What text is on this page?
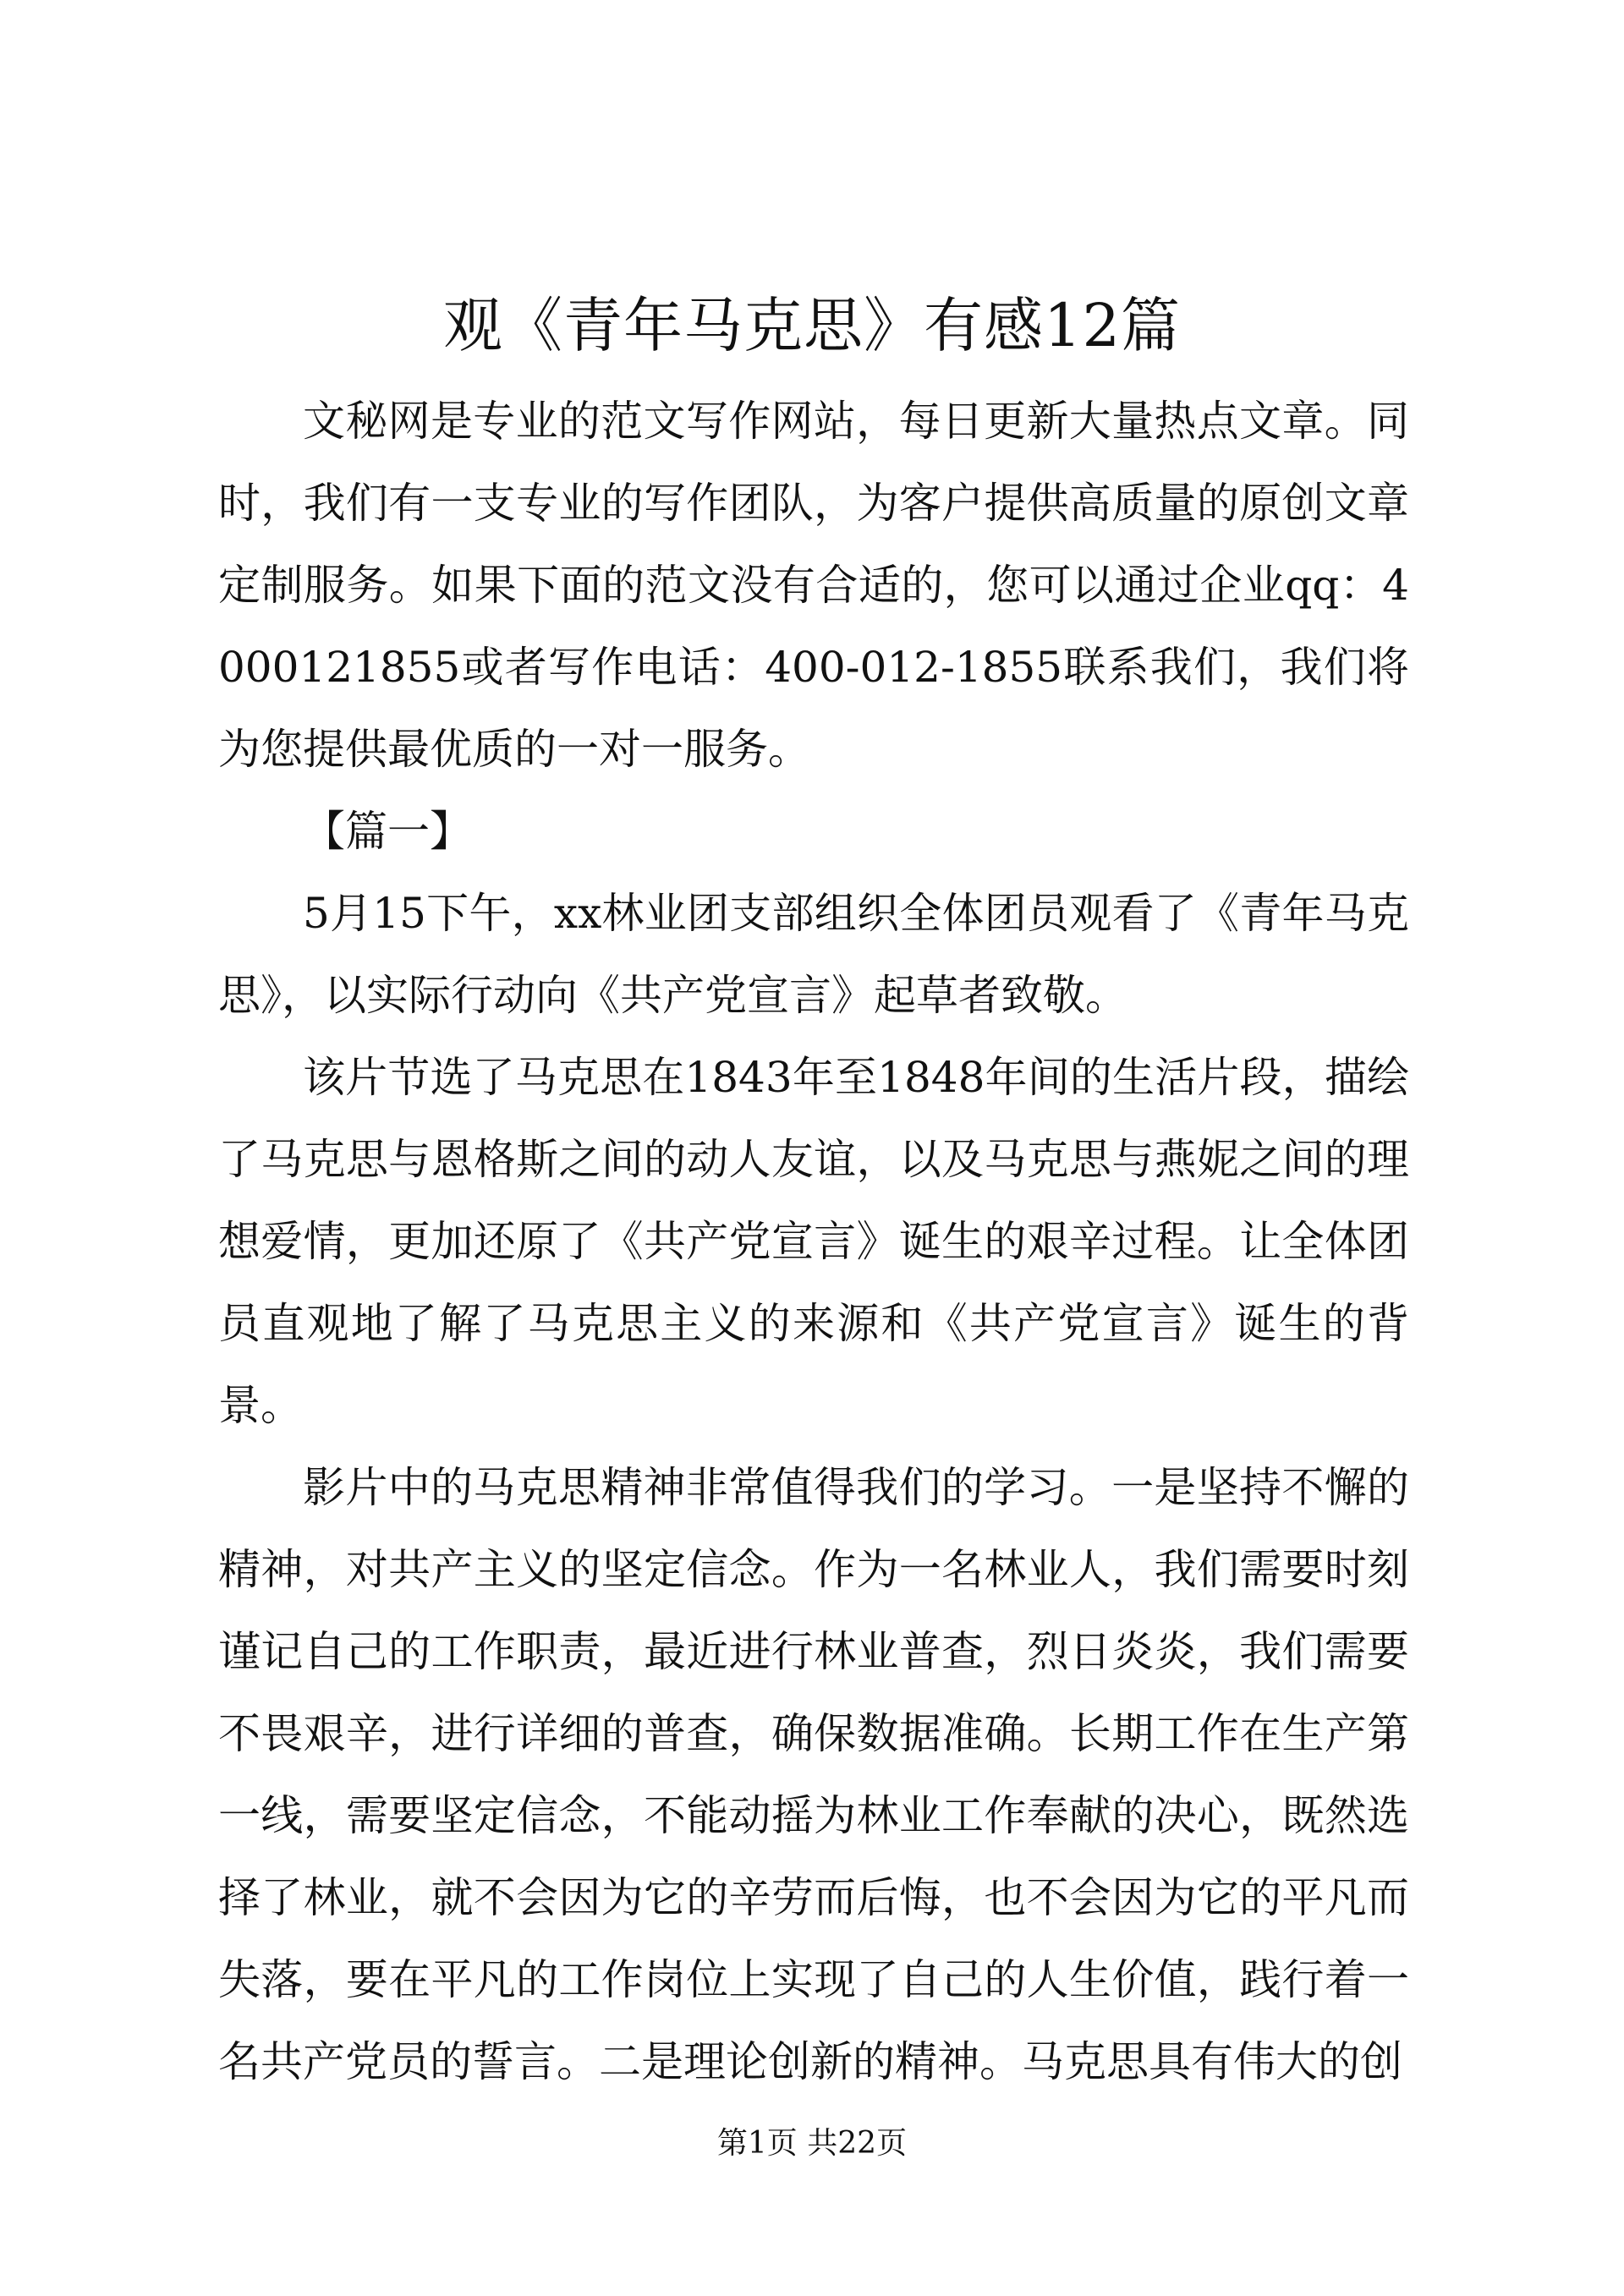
观《青年马克思》有感12篇

文秘网是专业的范文写作网站，每日更新大量热点文章。同时，我们有一支专业的写作团队，为客户提供高质量的原创文章定制服务。如果下面的范文没有合适的，您可以通过企业qq：4000121855或者写作电话：400-012-1855联系我们，我们将为您提供最优质的一对一服务。

【篇一】

5月15下午，xx林业团支部组织全体团员观看了《青年马克思》，以实际行动向《共产党宣言》起草者致敬。

该片节选了马克思在1843年至1848年间的生活片段，描绘了马克思与恩格斯之间的动人友谊，以及马克思与燕妮之间的理想爱情，更加还原了《共产党宣言》诞生的艰辛过程。让全体团员直观地了解了马克思主义的来源和《共产党宣言》诞生的背景。

影片中的马克思精神非常值得我们的学习。一是坚持不懈的精神，对共产主义的坚定信念。作为一名林业人，我们需要时刻谨记自己的工作职责，最近进行林业普查，烈日炎炎，我们需要不畏艰辛，进行详细的普查，确保数据准确。长期工作在生产第一线，需要坚定信念，不能动摇为林业工作奉献的决心，既然选择了林业，就不会因为它的辛劳而后悔，也不会因为它的平凡而失落，要在平凡的工作岗位上实现了自己的人生价值，践行着一名共产党员的誓言。二是理论创新的精神。马克思具有伟大的创

第1页 共22页
